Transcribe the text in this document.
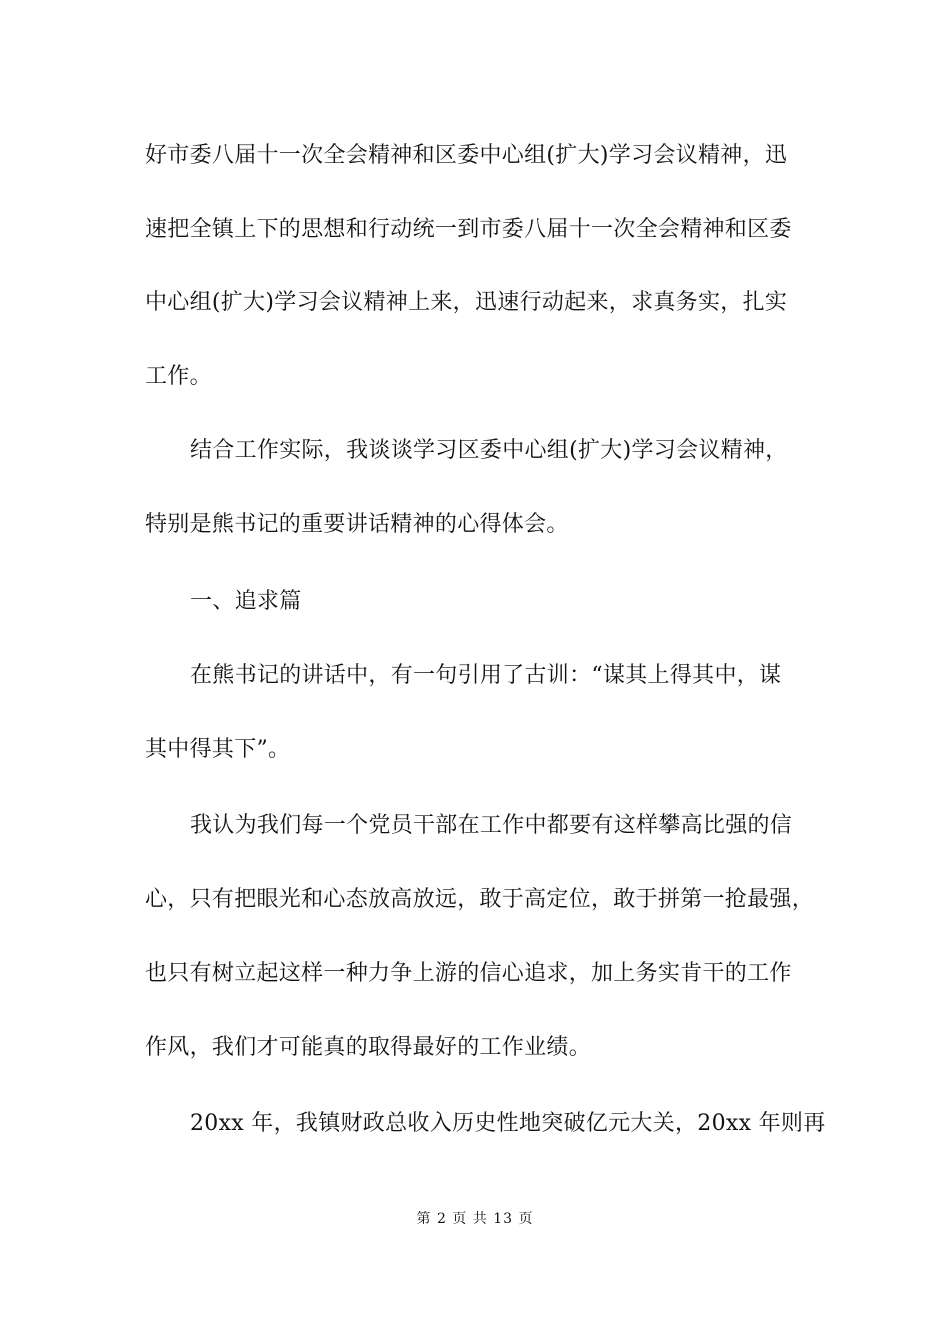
好市委八届十一次全会精神和区委中心组(扩大)学习会议精神，迅
速把全镇上下的思想和行动统一到市委八届十一次全会精神和区委
中心组(扩大)学习会议精神上来，迅速行动起来，求真务实，扎实
工作。
结合工作实际，我谈谈学习区委中心组(扩大)学习会议精神，
特别是熊书记的重要讲话精神的心得体会。
一、追求篇
在熊书记的讲话中，有一句引用了古训：“谋其上得其中，谋
其中得其下”。
我认为我们每一个党员干部在工作中都要有这样攀高比强的信
心，只有把眼光和心态放高放远，敢于高定位，敢于拼第一抢最强，
也只有树立起这样一种力争上游的信心追求，加上务实肯干的工作
作风，我们才可能真的取得最好的工作业绩。
20xx 年，我镇财政总收入历史性地突破亿元大关，20xx 年则再
第 2 页 共 13 页
